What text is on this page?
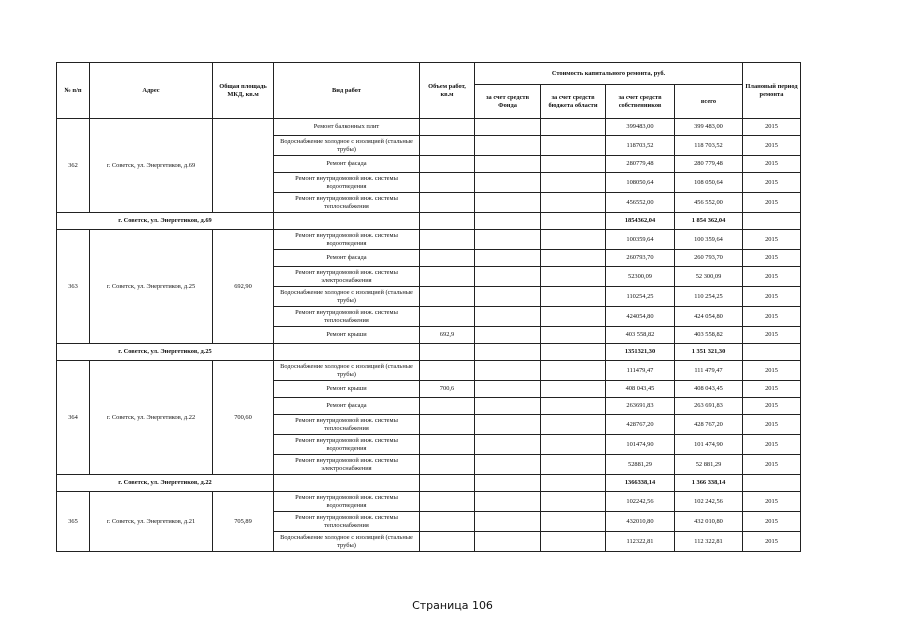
№ п/п	Адрес	Общая площадь МКД, кв.м	Вид работ	Объем работ, кв.м	Стоимость капитального ремонта, руб.				Плановый период ремонта
					за счет средств Фонда	за счет средств бюджета области	за счет средств собственников	всего	
362	г. Советск, ул. Энергетиков, д.69		Ремонт балконных плит				399483,00	399 483,00	2015
			Водоснабжение холодное с изоляцией (стальные трубы)				118703,52	118 703,52	2015
			Ремонт фасада				280779,48	280 779,48	2015
			Ремонт внутридомовой инж. системы водоотведения				108050,64	108 050,64	2015
			Ремонт внутридомовой инж. системы теплоснабжения				456552,00	456 552,00	2015
г. Советск, ул. Энергетиков, д.69							1854362,04	1 854 362,04	
363	г. Советск, ул. Энергетиков, д.25	692,90	Ремонт внутридомовой инж. системы водоотведения				100359,64	100 359,64	2015
			Ремонт фасада				260793,70	260 793,70	2015
			Ремонт внутридомовой инж. системы электроснабжения				52300,09	52 300,09	2015
			Водоснабжение холодное с изоляцией (стальные трубы)				110254,25	110 254,25	2015
			Ремонт внутридомовой инж. системы теплоснабжения				424054,80	424 054,80	2015
			Ремонт крыши	692,9			403 558,82	403 558,82	2015
г. Советск, ул. Энергетиков, д.25							1351321,30	1 351 321,30	
364	г. Советск, ул. Энергетиков, д.22	700,60	Водоснабжение холодное с изоляцией (стальные трубы)				111479,47	111 479,47	2015
			Ремонт крыши	700,6			408 043,45	408 043,45	2015
			Ремонт фасада				263691,83	263 691,83	2015
			Ремонт внутридомовой инж. системы теплоснабжения				428767,20	428 767,20	2015
			Ремонт внутридомовой инж. системы водоотведения				101474,90	101 474,90	2015
			Ремонт внутридомовой инж. системы электроснабжения				52881,29	52 881,29	2015
г. Советск, ул. Энергетиков, д.22							1366338,14	1 366 338,14	
365	г. Советск, ул. Энергетиков, д.21	705,89	Ремонт внутридомовой инж. системы водоотведения				102242,56	102 242,56	2015
			Ремонт внутридомовой инж. системы теплоснабжения				432010,80	432 010,80	2015
			Водоснабжение холодное с изоляцией (стальные трубы)				112322,81	112 322,81	2015
Страница 106
